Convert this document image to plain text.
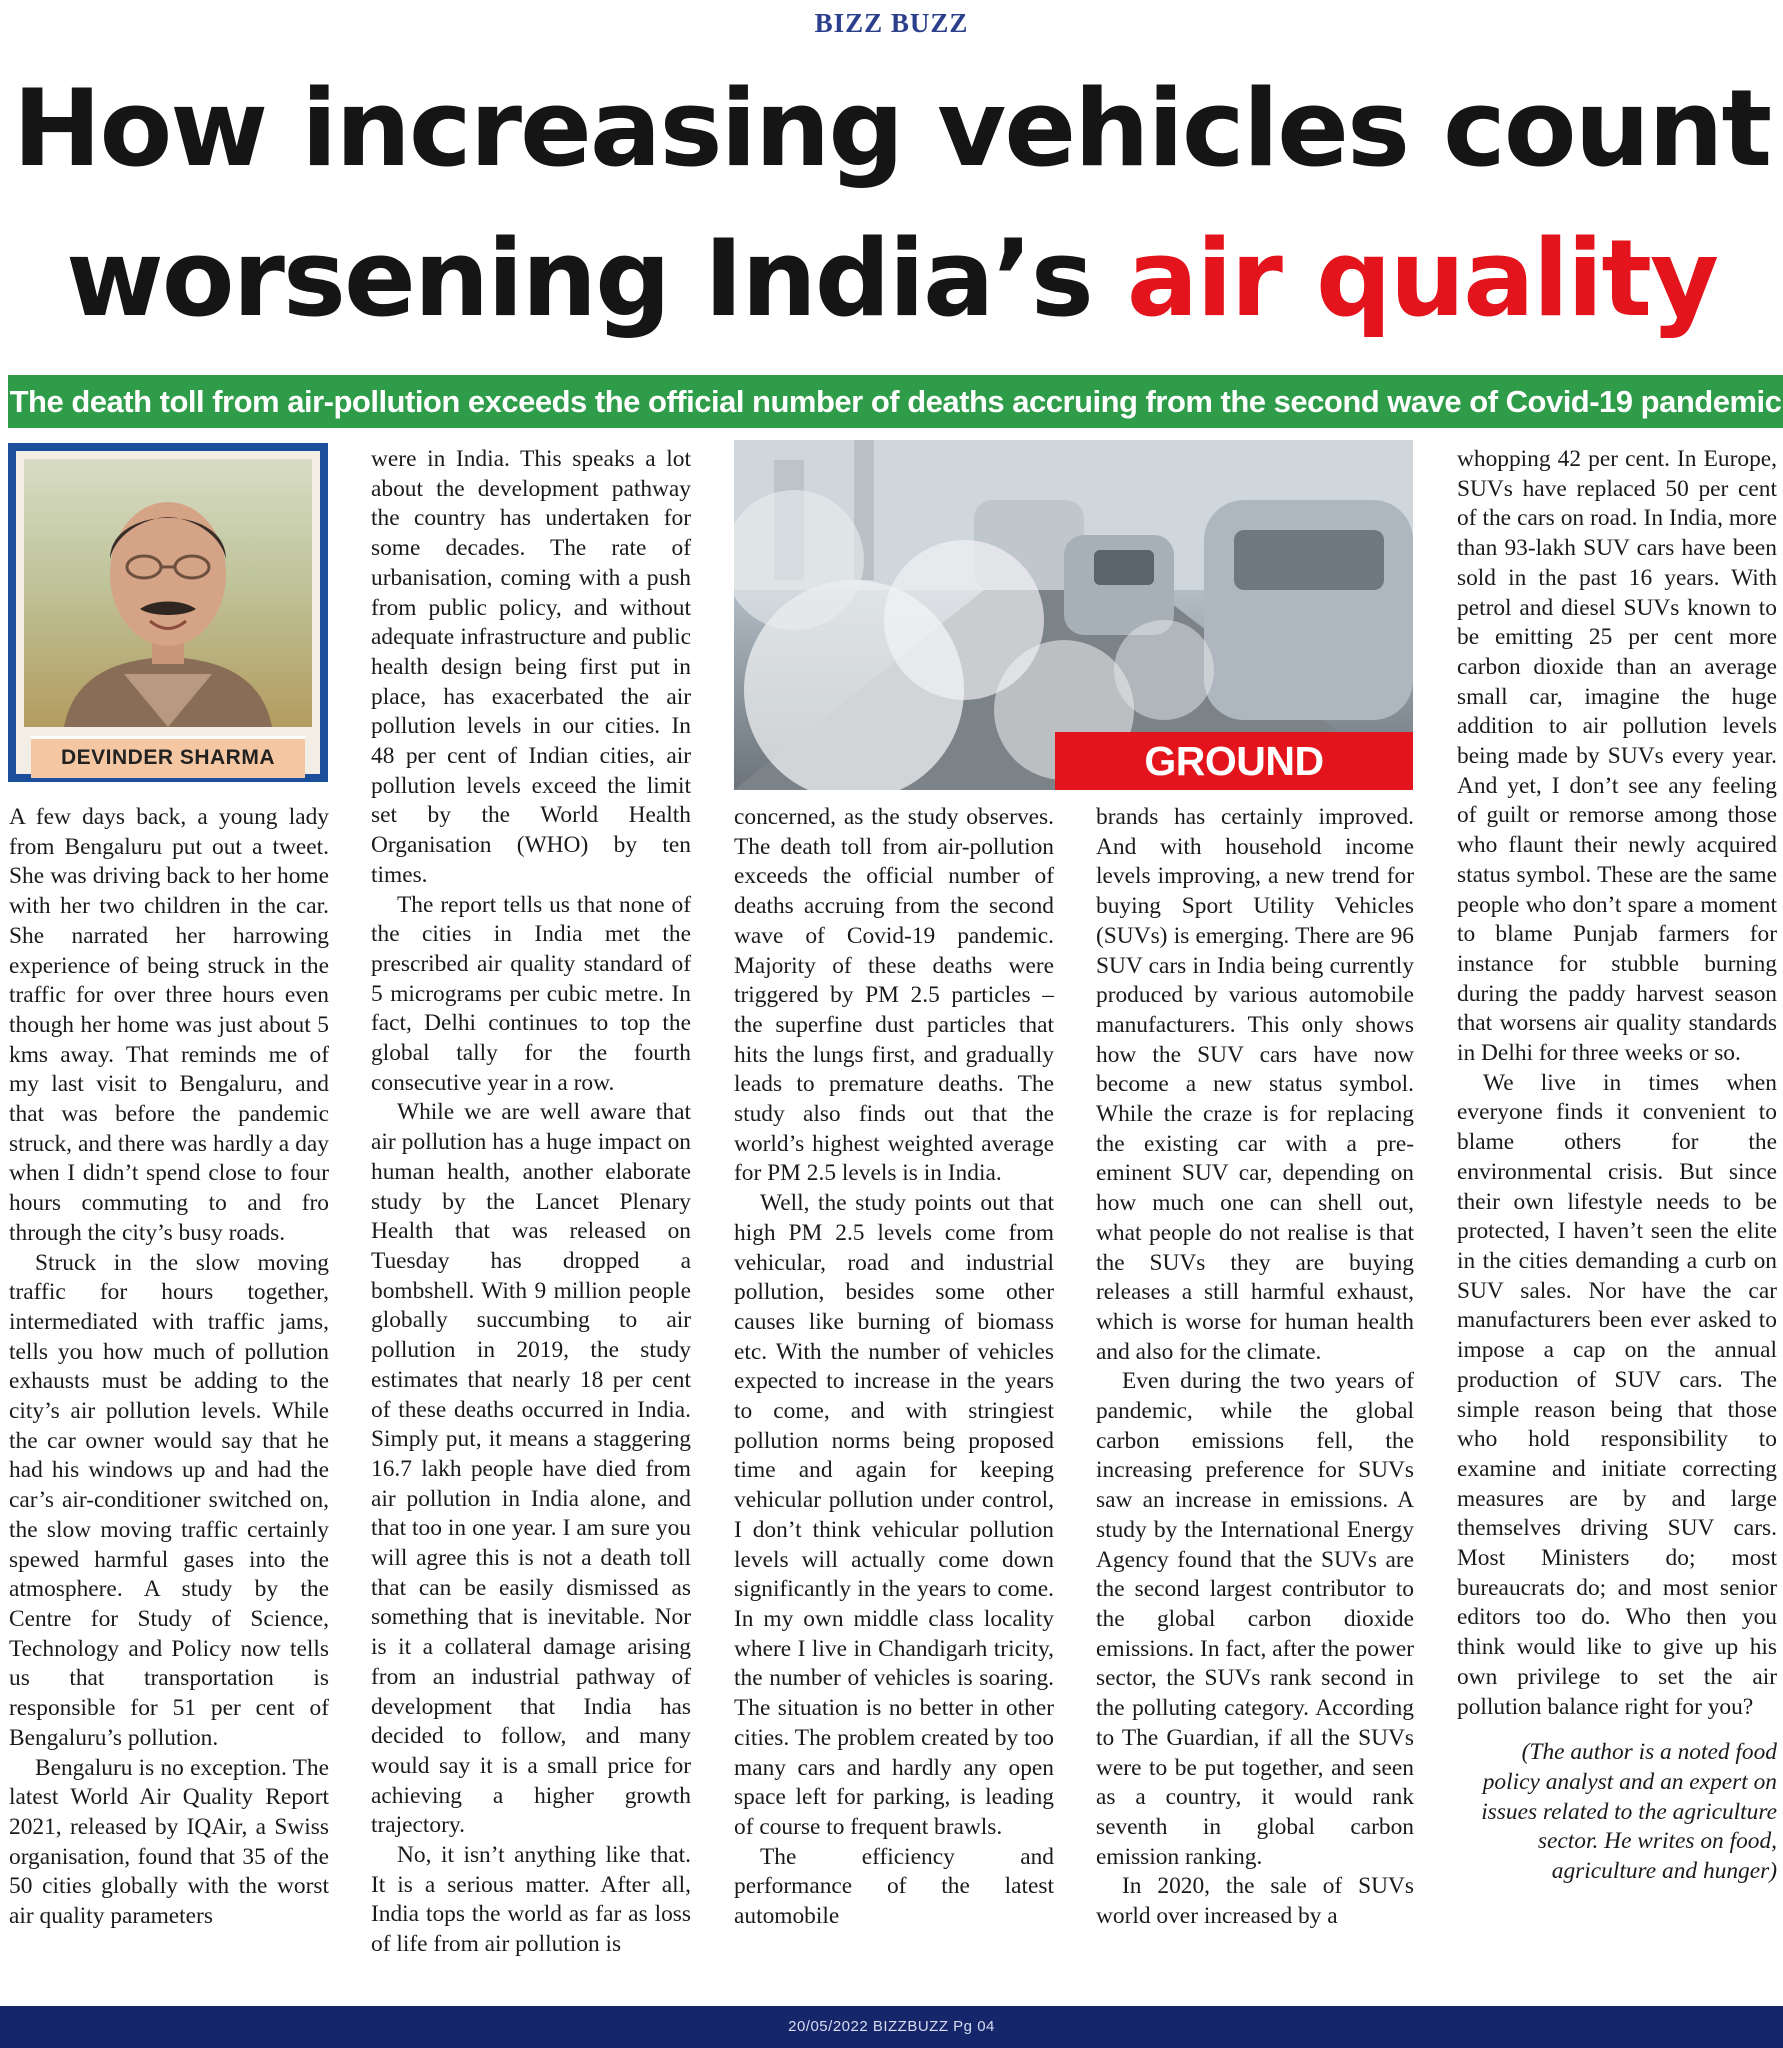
BIZZ BUZZ
How increasing vehicles count
worsening India’s air quality
The death toll from air-pollution exceeds the official number of deaths accruing from the second wave of Covid-19 pandemic
DEVINDER SHARMA	GROUND

A few days back, a young lady from Bengaluru put out a tweet. She was driving back to her home with her two children in the car. She narrated her harrowing experience of being struck in the traffic for over three hours even though her home was just about 5 kms away. That reminds me of my last visit to Bengaluru, and that was before the pandemic struck, and there was hardly a day when I didn’t spend close to four hours commuting to and fro through the city’s busy roads.

Struck in the slow moving traffic for hours together, intermediated with traffic jams, tells you how much of pollution exhausts must be adding to the city’s air pollution levels. While the car owner would say that he had his windows up and had the car’s air-conditioner switched on, the slow moving traffic certainly spewed harmful gases into the atmosphere. A study by the Centre for Study of Science, Technology and Policy now tells us that transportation is responsible for 51 per cent of Bengaluru’s pollution.

Bengaluru is no exception. The latest World Air Quality Report 2021, released by IQAir, a Swiss organisation, found that 35 of the 50 cities globally with the worst air quality parameters

were in India. This speaks a lot about the development pathway the country has undertaken for some decades. The rate of urbanisation, coming with a push from public policy, and without adequate infrastructure and public health design being first put in place, has exacerbated the air pollution levels in our cities. In 48 per cent of Indian cities, air pollution levels exceed the limit set by the World Health Organisation (WHO) by ten times.

The report tells us that none of the cities in India met the prescribed air quality standard of 5 micrograms per cubic metre. In fact, Delhi continues to top the global tally for the fourth consecutive year in a row.

While we are well aware that air pollution has a huge impact on human health, another elaborate study by the Lancet Plenary Health that was released on Tuesday has dropped a bombshell. With 9 million people globally succumbing to air pollution in 2019, the study estimates that nearly 18 per cent of these deaths occurred in India. Simply put, it means a staggering 16.7 lakh people have died from air pollution in India alone, and that too in one year. I am sure you will agree this is not a death toll that can be easily dismissed as something that is inevitable. Nor is it a collateral damage arising from an industrial pathway of development that India has decided to follow, and many would say it is a small price for achieving a higher growth trajectory.

No, it isn’t anything like that. It is a serious matter. After all, India tops the world as far as loss of life from air pollution is

concerned, as the study observes. The death toll from air-pollution exceeds the official number of deaths accruing from the second wave of Covid-19 pandemic. Majority of these deaths were triggered by PM 2.5 particles – the superfine dust particles that hits the lungs first, and gradually leads to premature deaths. The study also finds out that the world’s highest weighted average for PM 2.5 levels is in India.

Well, the study points out that high PM 2.5 levels come from vehicular, road and industrial pollution, besides some other causes like burning of biomass etc. With the number of vehicles expected to increase in the years to come, and with stringiest pollution norms being proposed time and again for keeping vehicular pollution under control, I don’t think vehicular pollution levels will actually come down significantly in the years to come. In my own middle class locality where I live in Chandigarh tricity, the number of vehicles is soaring. The situation is no better in other cities. The problem created by too many cars and hardly any open space left for parking, is leading of course to frequent brawls.

The efficiency and performance of the latest automobile

brands has certainly improved. And with household income levels improving, a new trend for buying Sport Utility Vehicles (SUVs) is emerging. There are 96 SUV cars in India being currently produced by various automobile manufacturers. This only shows how the SUV cars have now become a new status symbol. While the craze is for replacing the existing car with a pre-eminent SUV car, depending on how much one can shell out, what people do not realise is that the SUVs they are buying releases a still harmful exhaust, which is worse for human health and also for the climate.

Even during the two years of pandemic, while the global carbon emissions fell, the increasing preference for SUVs saw an increase in emissions. A study by the International Energy Agency found that the SUVs are the second largest contributor to the global carbon dioxide emissions. In fact, after the power sector, the SUVs rank second in the polluting category. According to The Guardian, if all the SUVs were to be put together, and seen as a country, it would rank seventh in global carbon emission ranking.

In 2020, the sale of SUVs world over increased by a

whopping 42 per cent. In Europe, SUVs have replaced 50 per cent of the cars on road. In India, more than 93-lakh SUV cars have been sold in the past 16 years. With petrol and diesel SUVs known to be emitting 25 per cent more carbon dioxide than an average small car, imagine the huge addition to air pollution levels being made by SUVs every year. And yet, I don’t see any feeling of guilt or remorse among those who flaunt their newly acquired status symbol. These are the same people who don’t spare a moment to blame Punjab farmers for instance for stubble burning during the paddy harvest season that worsens air quality standards in Delhi for three weeks or so.

We live in times when everyone finds it convenient to blame others for the environmental crisis. But since their own lifestyle needs to be protected, I haven’t seen the elite in the cities demanding a curb on SUV sales. Nor have the car manufacturers been ever asked to impose a cap on the annual production of SUV cars. The simple reason being that those who hold responsibility to examine and initiate correcting measures are by and large themselves driving SUV cars. Most Ministers do; most bureaucrats do; and most senior editors too do. Who then you think would like to give up his own privilege to set the air pollution balance right for you?

(The author is a noted food policy analyst and an expert on issues related to the agriculture sector. He writes on food, agriculture and hunger)

20/05/2022 BIZZBUZZ Pg 04
